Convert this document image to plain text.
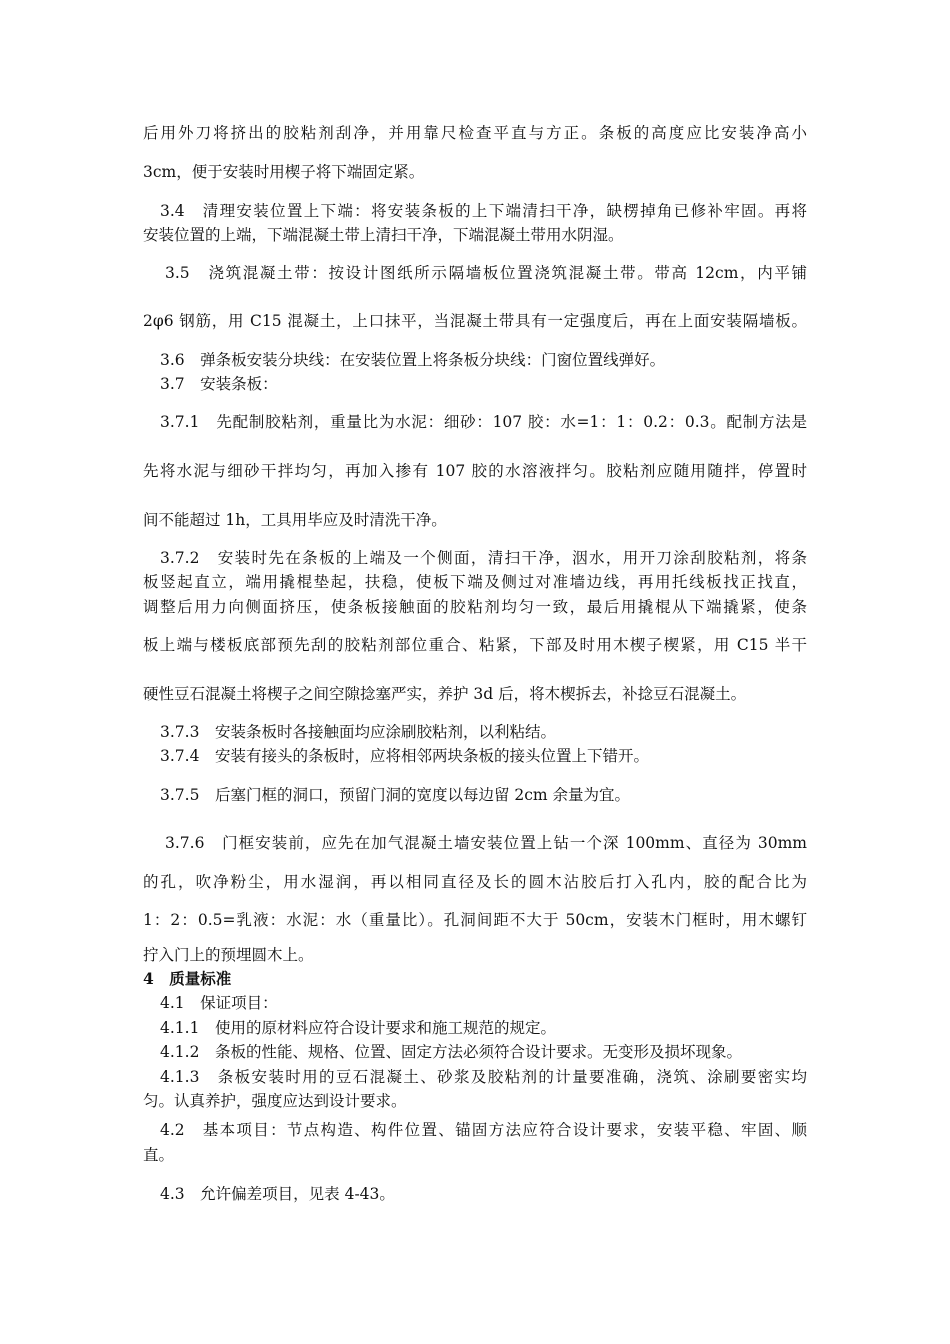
后用外刀将挤出的胶粘剂刮净，并用靠尺检查平直与方正。条板的高度应比安装净高小
3cm，便于安装时用楔子将下端固定紧。
3.4　清理安装位置上下端：将安装条板的上下端清扫干净，缺楞掉角已修补牢固。再将
安装位置的上端，下端混凝土带上清扫干净，下端混凝土带用水阴湿。
3.5　浇筑混凝土带：按设计图纸所示隔墙板位置浇筑混凝土带。带高 12cm，内平铺
2φ6 钢筋，用 C15 混凝土，上口抹平，当混凝土带具有一定强度后，再在上面安装隔墙板。
3.6　弹条板安装分块线：在安装位置上将条板分块线：门窗位置线弹好。
3.7　安装条板：
3.7.1　先配制胶粘剂，重量比为水泥：细砂：107 胶：水=1：1：0.2：0.3。配制方法是
先将水泥与细砂干拌均匀，再加入掺有 107 胶的水溶液拌匀。胶粘剂应随用随拌，停置时
间不能超过 1h，工具用毕应及时清洗干净。
3.7.2　安装时先在条板的上端及一个侧面，清扫干净，洇水，用开刀涂刮胶粘剂，将条
板竖起直立，端用撬棍垫起，扶稳，使板下端及侧过对准墙边线，再用托线板找正找直，
调整后用力向侧面挤压，使条板接触面的胶粘剂均匀一致，最后用撬棍从下端撬紧，使条
板上端与楼板底部预先刮的胶粘剂部位重合、粘紧，下部及时用木楔子楔紧，用 C15 半干
硬性豆石混凝土将楔子之间空隙捻塞严实，养护 3d 后，将木楔拆去，补捻豆石混凝土。
3.7.3　安装条板时各接触面均应涂刷胶粘剂，以利粘结。
3.7.4　安装有接头的条板时，应将相邻两块条板的接头位置上下错开。
3.7.5　后塞门框的洞口，预留门洞的宽度以每边留 2cm 余量为宜。
3.7.6　门框安装前，应先在加气混凝土墙安装位置上钻一个深 100mm、直径为 30mm
的孔，吹净粉尘，用水湿润，再以相同直径及长的圆木沾胶后打入孔内，胶的配合比为
1：2：0.5=乳液：水泥：水（重量比）。孔洞间距不大于 50cm，安装木门框时，用木螺钉
拧入门上的预埋圆木上。
4　质量标准
4.1　保证项目：
4.1.1　使用的原材料应符合设计要求和施工规范的规定。
4.1.2　条板的性能、规格、位置、固定方法必须符合设计要求。无变形及损坏现象。
4.1.3　条板安装时用的豆石混凝土、砂浆及胶粘剂的计量要准确，浇筑、涂刷要密实均
匀。认真养护，强度应达到设计要求。
4.2　基本项目：节点构造、构件位置、锚固方法应符合设计要求，安装平稳、牢固、顺
直。
4.3　允许偏差项目，见表 4-43。
